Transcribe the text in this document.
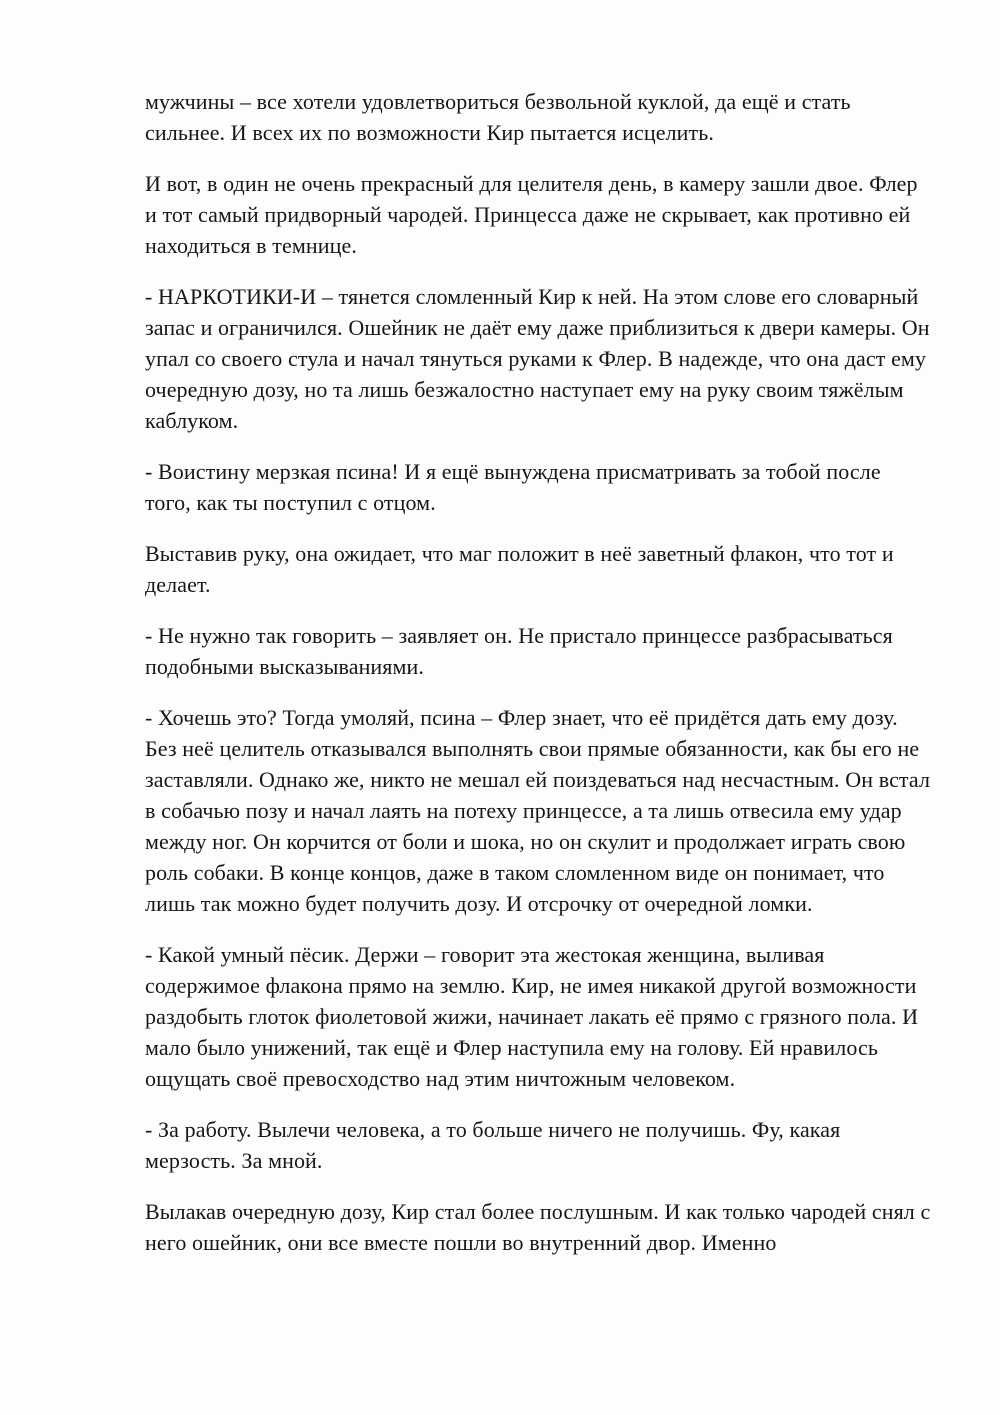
мужчины – все хотели удовлетвориться безвольной куклой, да ещё и стать сильнее. И всех их по возможности Кир пытается исцелить.

И вот, в один не очень прекрасный для целителя день, в камеру зашли двое. Флер и тот самый придворный чародей. Принцесса даже не скрывает, как противно ей находиться в темнице.

- НАРКОТИКИ-И – тянется сломленный Кир к ней. На этом слове его словарный запас и ограничился. Ошейник не даёт ему даже приблизиться к двери камеры. Он упал со своего стула и начал тянуться руками к Флер. В надежде, что она даст ему очередную дозу, но та лишь безжалостно наступает ему на руку своим тяжёлым каблуком.

- Воистину мерзкая псина! И я ещё вынуждена присматривать за тобой после того, как ты поступил с отцом.

Выставив руку, она ожидает, что маг положит в неё заветный флакон, что тот и делает.

- Не нужно так говорить – заявляет он. Не пристало принцессе разбрасываться подобными высказываниями.

- Хочешь это? Тогда умоляй, псина – Флер знает, что её придётся дать ему дозу. Без неё целитель отказывался выполнять свои прямые обязанности, как бы его не заставляли. Однако же, никто не мешал ей поиздеваться над несчастным. Он встал в собачью позу и начал лаять на потеху принцессе, а та лишь отвесила ему удар между ног. Он корчится от боли и шока, но он скулит и продолжает играть свою роль собаки. В конце концов, даже в таком сломленном виде он понимает, что лишь так можно будет получить дозу. И отсрочку от очередной ломки.

- Какой умный пёсик. Держи – говорит эта жестокая женщина, выливая содержимое флакона прямо на землю. Кир, не имея никакой другой возможности раздобыть глоток фиолетовой жижи, начинает лакать её прямо с грязного пола. И мало было унижений, так ещё и Флер наступила ему на голову. Ей нравилось ощущать своё превосходство над этим ничтожным человеком.

- За работу. Вылечи человека, а то больше ничего не получишь. Фу, какая мерзость. За мной.

Вылакав очередную дозу, Кир стал более послушным. И как только чародей снял с него ошейник, они все вместе пошли во внутренний двор. Именно
